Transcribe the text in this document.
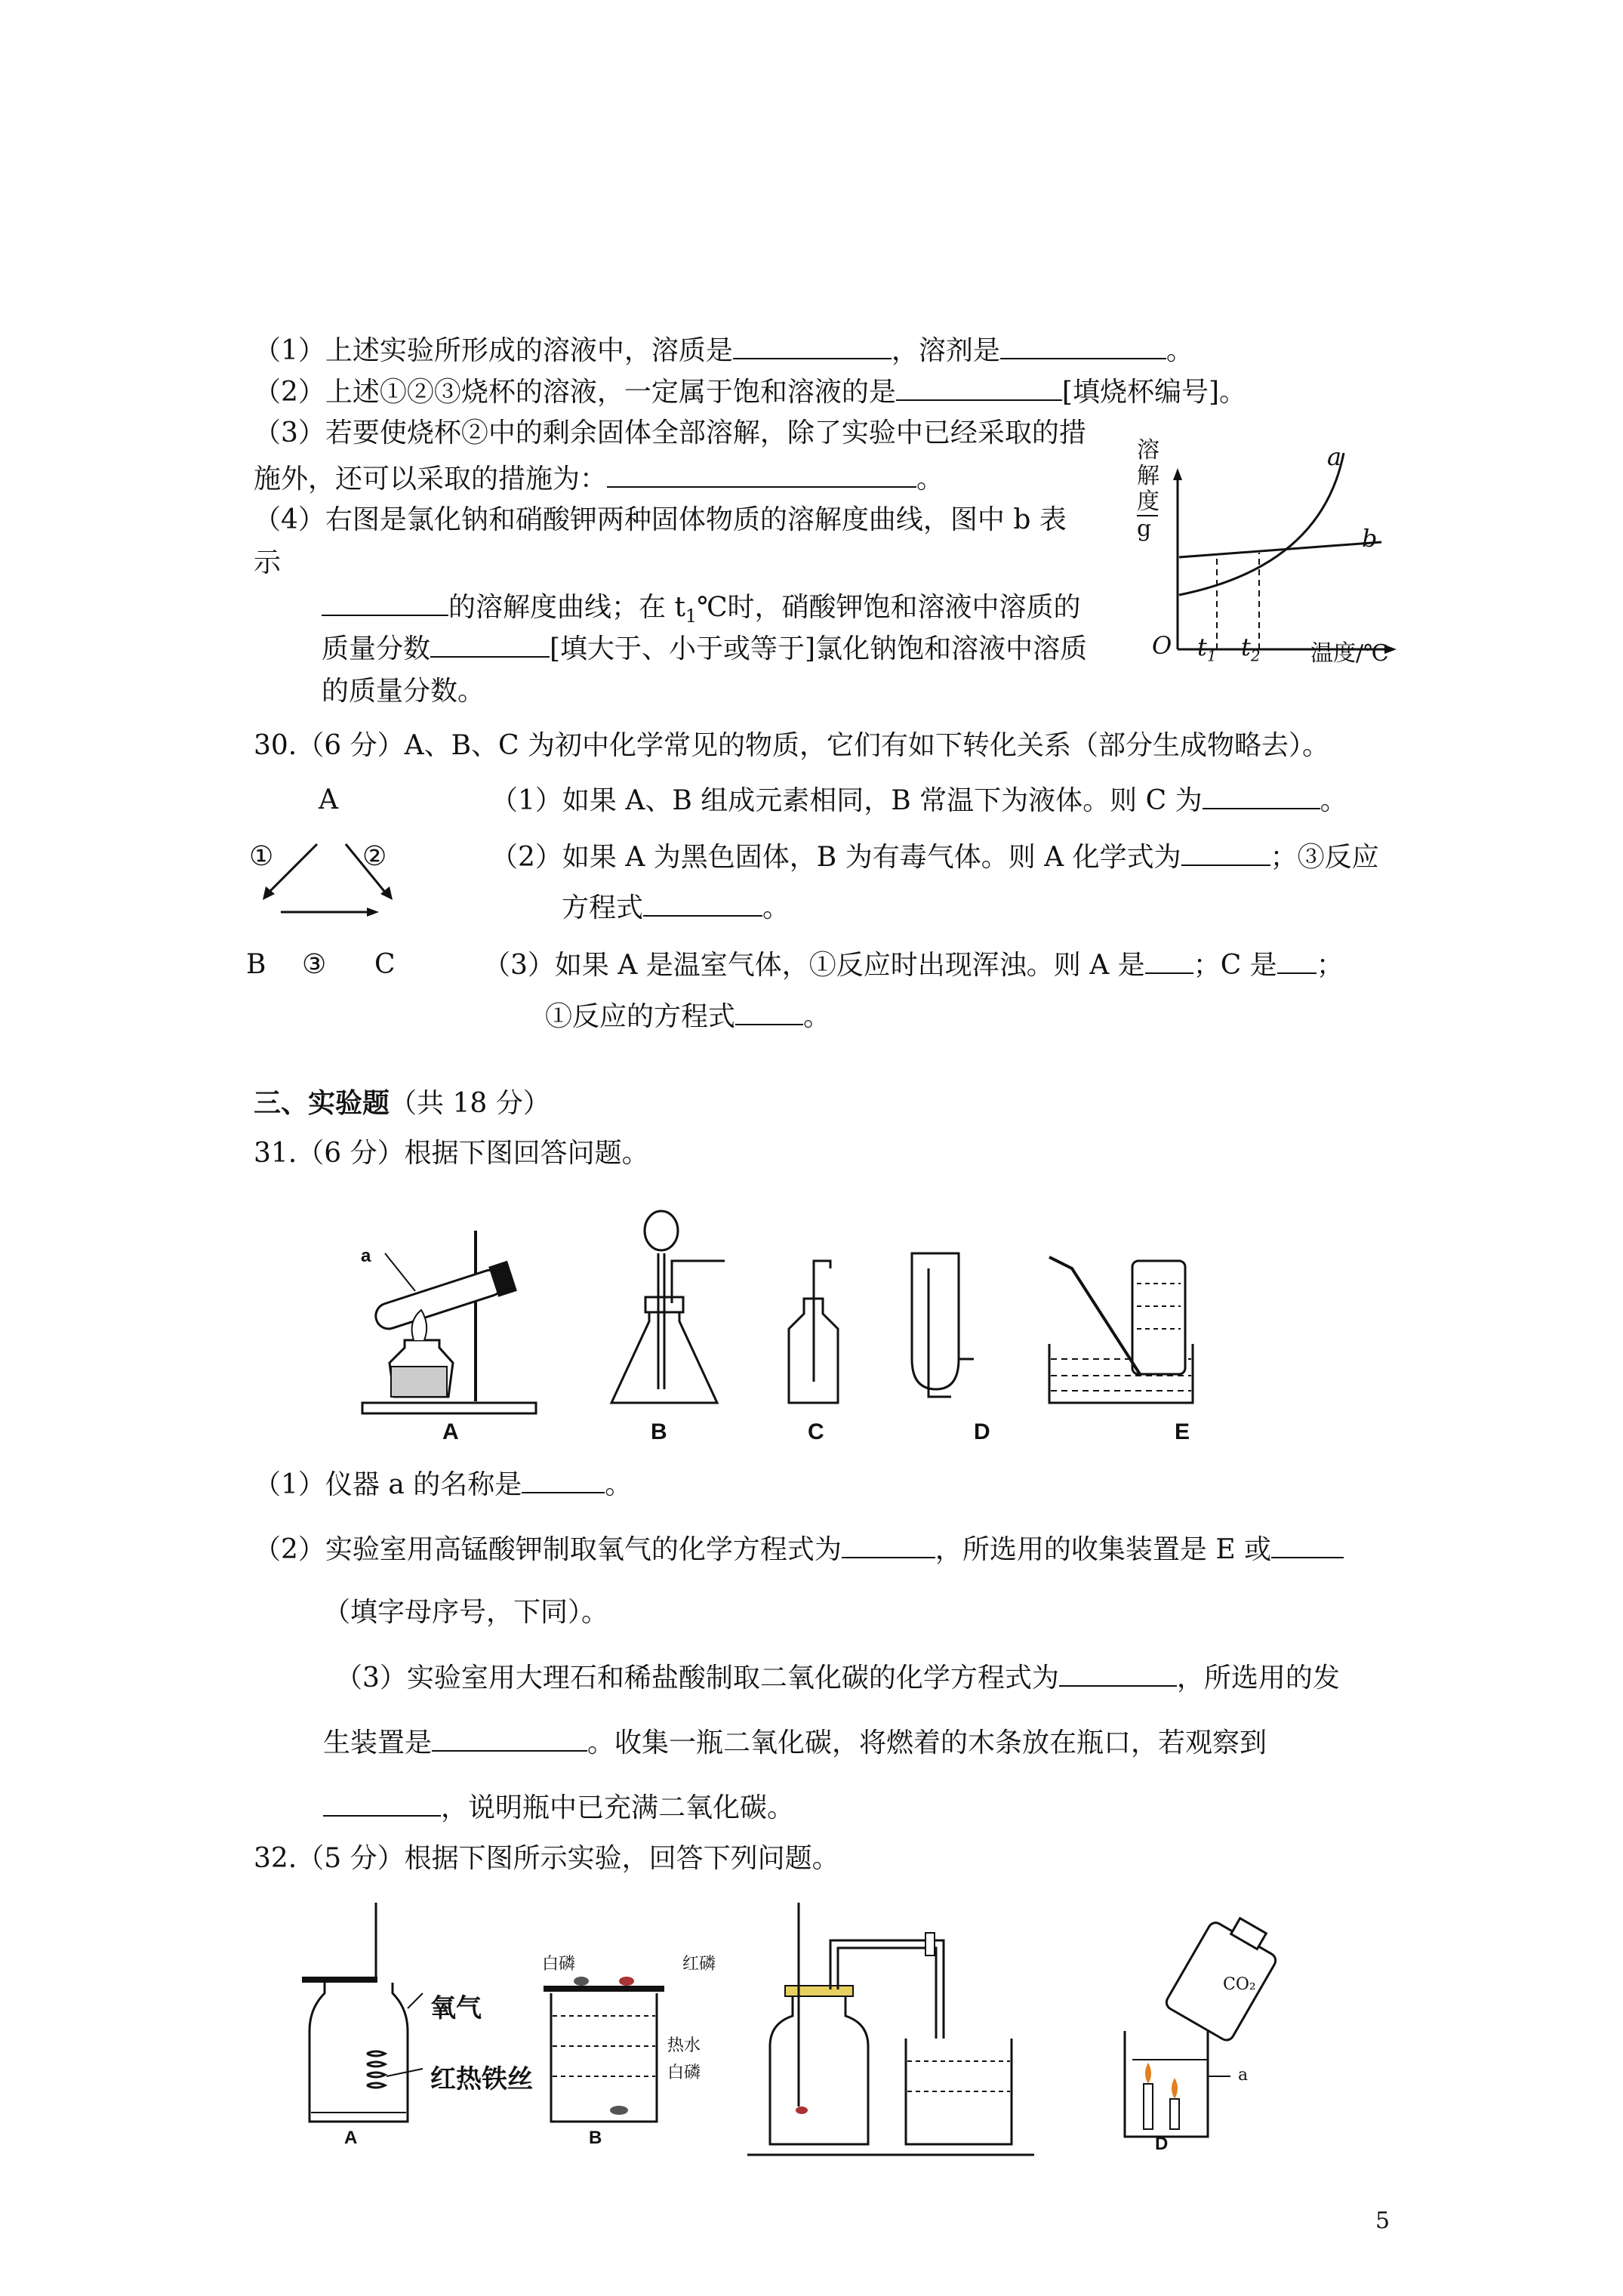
（1）上述实验所形成的溶液中，溶质是	，溶剂是	。
（2）上述①②③烧杯的溶液，一定属于饱和溶液的是	[填烧杯编号]。
（3）若要使烧杯②中的剩余固体全部溶解，除了实验中已经采取的措
施外，还可以采取的措施为：	。
（4）右图是氯化钠和硝酸钾两种固体物质的溶解度曲线，图中 b 表
示
的溶解度曲线；在 $t_1℃$时，硝酸钾饱和溶液中溶质的
质量分数	[填大于、小于或等于]氯化钠饱和溶液中溶质
的质量分数。
溶
解
度
g
a
b
O $t_1$ $t_2$ 温度/℃
30.（6 分）A、B、C 为初中化学常见的物质，它们有如下转化关系（部分生成物略去）。
A
①	②
B ③ C
（1）如果 A、B 组成元素相同，B 常温下为液体。则 C 为	。
（2）如果 A 为黑色固体，B 为有毒气体。则 A 化学式为	；③反应
方程式	。
（3）如果 A 是温室气体，①反应时出现浑浊。则 A 是 ；C 是 ；
①反应的方程式	。
三、实验题（共 18 分）
31.（6 分）根据下图回答问题。
a
A	B	C	D	E
（1）仪器 a 的名称是	。
（2）实验室用高锰酸钾制取氧气的化学方程式为	，所选用的收集装置是 E 或
（填字母序号，下同）。
（3）实验室用大理石和稀盐酸制取二氧化碳的化学方程式为	，所选用的发
生装置是	。收集一瓶二氧化碳，将燃着的木条放在瓶口，若观察到
，说明瓶中已充满二氧化碳。
32.（5 分）根据下图所示实验，回答下列问题。
氧气
红热铁丝
白磷	红磷
热水
白磷
CO₂
a
A	B	D
5
